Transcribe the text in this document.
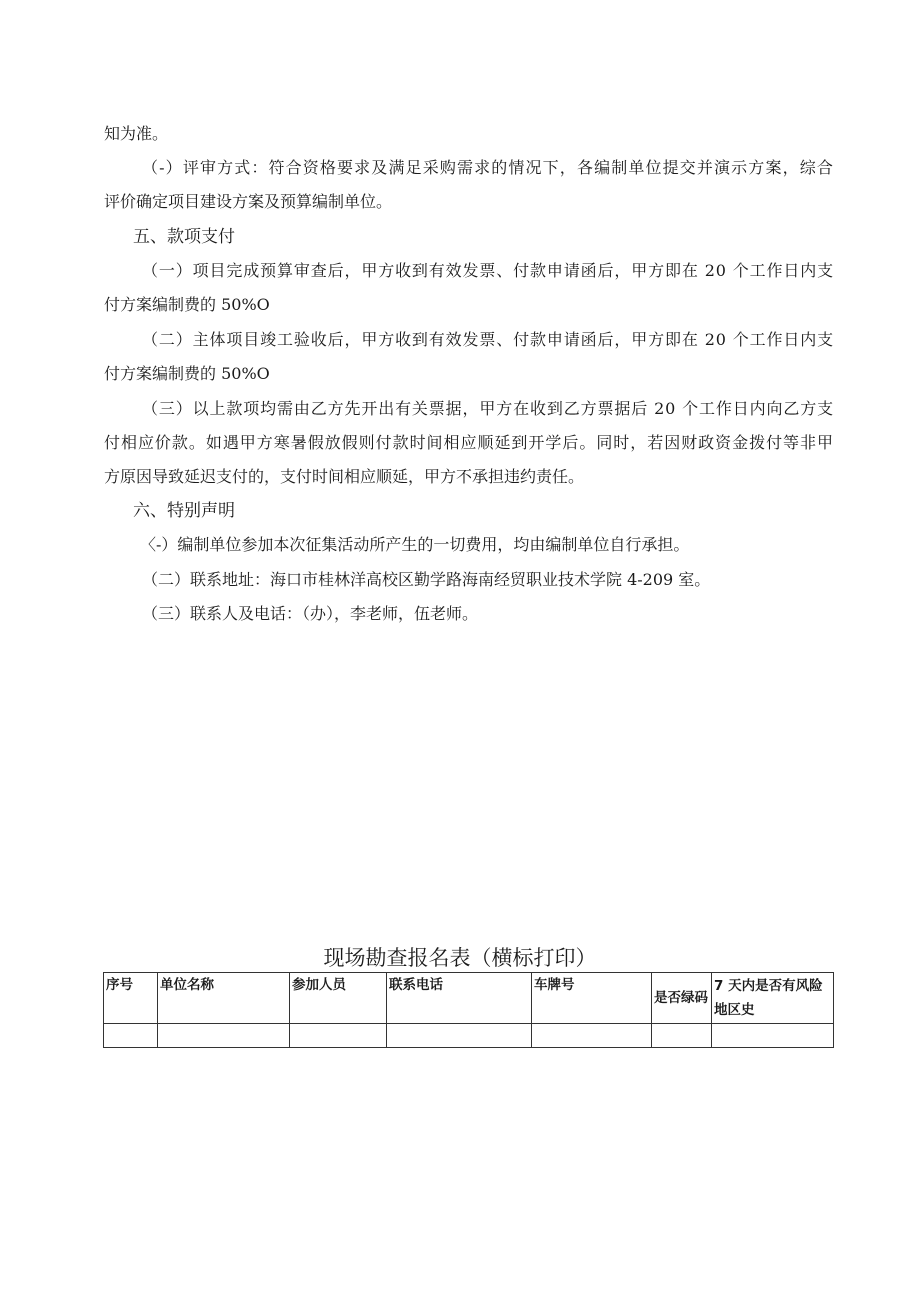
知为准。
（-）评审方式：符合资格要求及满足采购需求的情况下，各编制单位提交并演示方案，综合
评价确定项目建设方案及预算编制单位。
五、款项支付
（一）项目完成预算审查后，甲方收到有效发票、付款申请函后，甲方即在 20 个工作日内支
付方案编制费的 50%O
（二）主体项目竣工验收后，甲方收到有效发票、付款申请函后，甲方即在 20 个工作日内支
付方案编制费的 50%O
（三）以上款项均需由乙方先开出有关票据，甲方在收到乙方票据后 20 个工作日内向乙方支
付相应价款。如遇甲方寒暑假放假则付款时间相应顺延到开学后。同时，若因财政资金拨付等非甲
方原因导致延迟支付的，支付时间相应顺延，甲方不承担违约责任。
六、特别声明
〈-）编制单位参加本次征集活动所产生的一切费用，均由编制单位自行承担。
（二）联系地址：海口市桂林洋高校区勤学路海南经贸职业技术学院 4-209 室。
（三）联系人及电话：（办），李老师，伍老师。
现场勘查报名表（横标打印）
序号	单位名称	参加人员	联系电话	车牌号	是否绿码	7 天内是否有风险地区史
